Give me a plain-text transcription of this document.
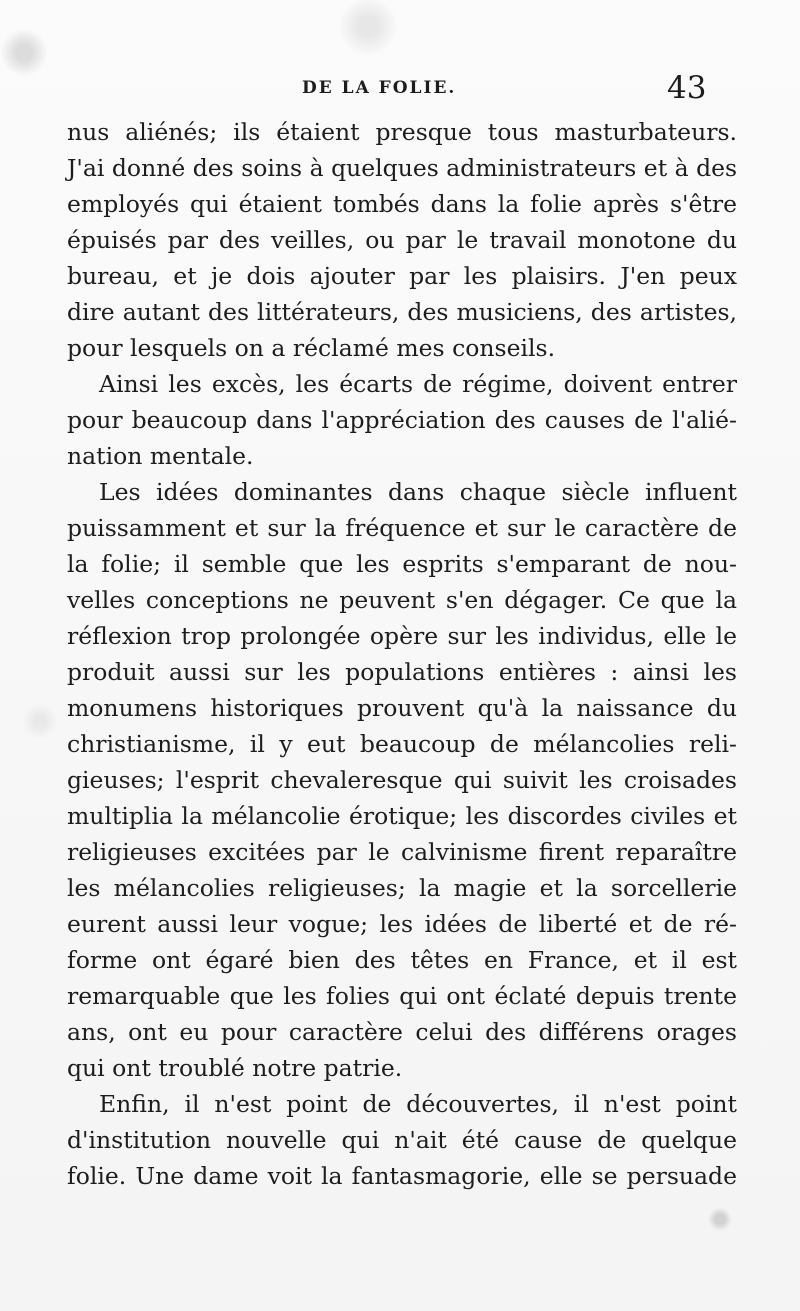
DE LA FOLIE.	43
nus aliénés; ils étaient presque tous masturbateurs.
J'ai donné des soins à quelques administrateurs et à des
employés qui étaient tombés dans la folie après s'être
épuisés par des veilles, ou par le travail monotone du
bureau, et je dois ajouter par les plaisirs. J'en peux
dire autant des littérateurs, des musiciens, des artistes,
pour lesquels on a réclamé mes conseils.
Ainsi les excès, les écarts de régime, doivent entrer
pour beaucoup dans l'appréciation des causes de l'alié-
nation mentale.
Les idées dominantes dans chaque siècle influent
puissamment et sur la fréquence et sur le caractère de
la folie; il semble que les esprits s'emparant de nou-
velles conceptions ne peuvent s'en dégager. Ce que la
réflexion trop prolongée opère sur les individus, elle le
produit aussi sur les populations entières : ainsi les
monumens historiques prouvent qu'à la naissance du
christianisme, il y eut beaucoup de mélancolies reli-
gieuses; l'esprit chevaleresque qui suivit les croisades
multiplia la mélancolie érotique; les discordes civiles et
religieuses excitées par le calvinisme firent reparaître
les mélancolies religieuses; la magie et la sorcellerie
eurent aussi leur vogue; les idées de liberté et de ré-
forme ont égaré bien des têtes en France, et il est
remarquable que les folies qui ont éclaté depuis trente
ans, ont eu pour caractère celui des différens orages
qui ont troublé notre patrie.
Enfin, il n'est point de découvertes, il n'est point
d'institution nouvelle qui n'ait été cause de quelque
folie. Une dame voit la fantasmagorie, elle se persuade
